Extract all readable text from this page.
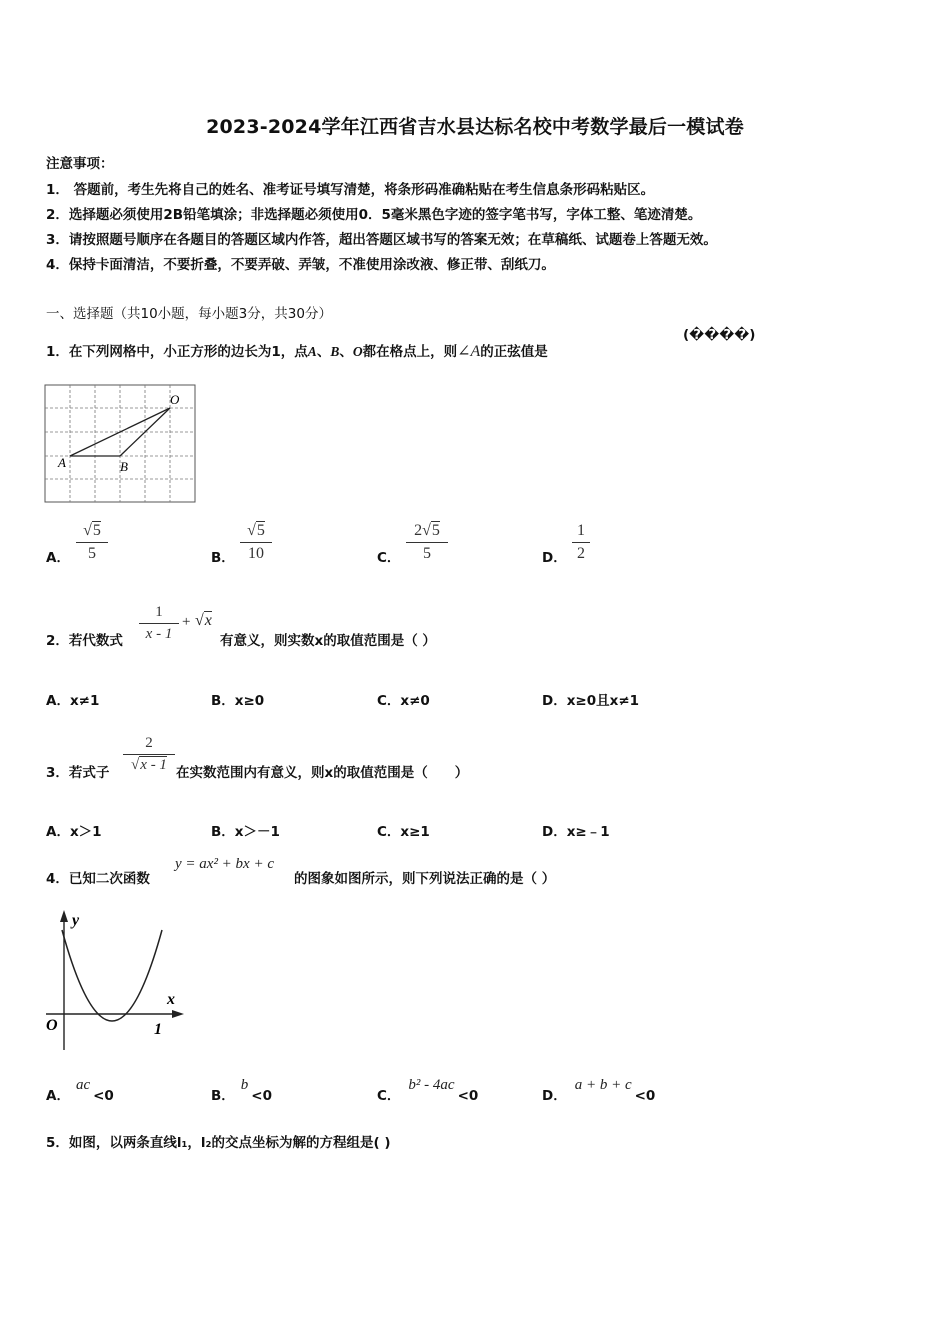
2023-2024学年江西省吉水县达标名校中考数学最后一模试卷
注意事项：
1． 答题前，考生先将自己的姓名、准考证号填写清楚，将条形码准确粘贴在考生信息条形码粘贴区。
2．选择题必须使用2B铅笔填涂；非选择题必须使用0．5毫米黑色字迹的签字笔书写，字体工整、笔迹清楚。
3．请按照题号顺序在各题目的答题区域内作答，超出答题区域书写的答案无效；在草稿纸、试题卷上答题无效。
4．保持卡面清洁，不要折叠，不要弄破、弄皱，不准使用涂改液、修正带、刮纸刀。
一、选择题（共10小题，每小题3分，共30分）
1．在下列网格中，小正方形的边长为1，点A、B、O都在格点上，则∠A的正弦值是
(����)
O
A	B
A．
√5
5	B．
√5
10	C．
2√5
5	D．
1
2
2．若代数式
1
x - 1
+ √x
有意义，则实数x的取值范围是（ ）
A．x≠1	B．x≥0	C．x≠0	D．x≥0且x≠1
3．若式子
2
√x - 1 在实数范围内有意义，则x的取值范围是（　　）
A．x＞1	B．x＞－1	C．x≥1	D．x≥﹣1
4．已知二次函数
y = ax² + bx + c
的图象如图所示，则下列说法正确的是（ ）
y
x
O	1
A．ac<0	B．b<0	C．b² - 4ac<0	D．a + b + c<0
5．如图，以两条直线l₁，l₂的交点坐标为解的方程组是( )
